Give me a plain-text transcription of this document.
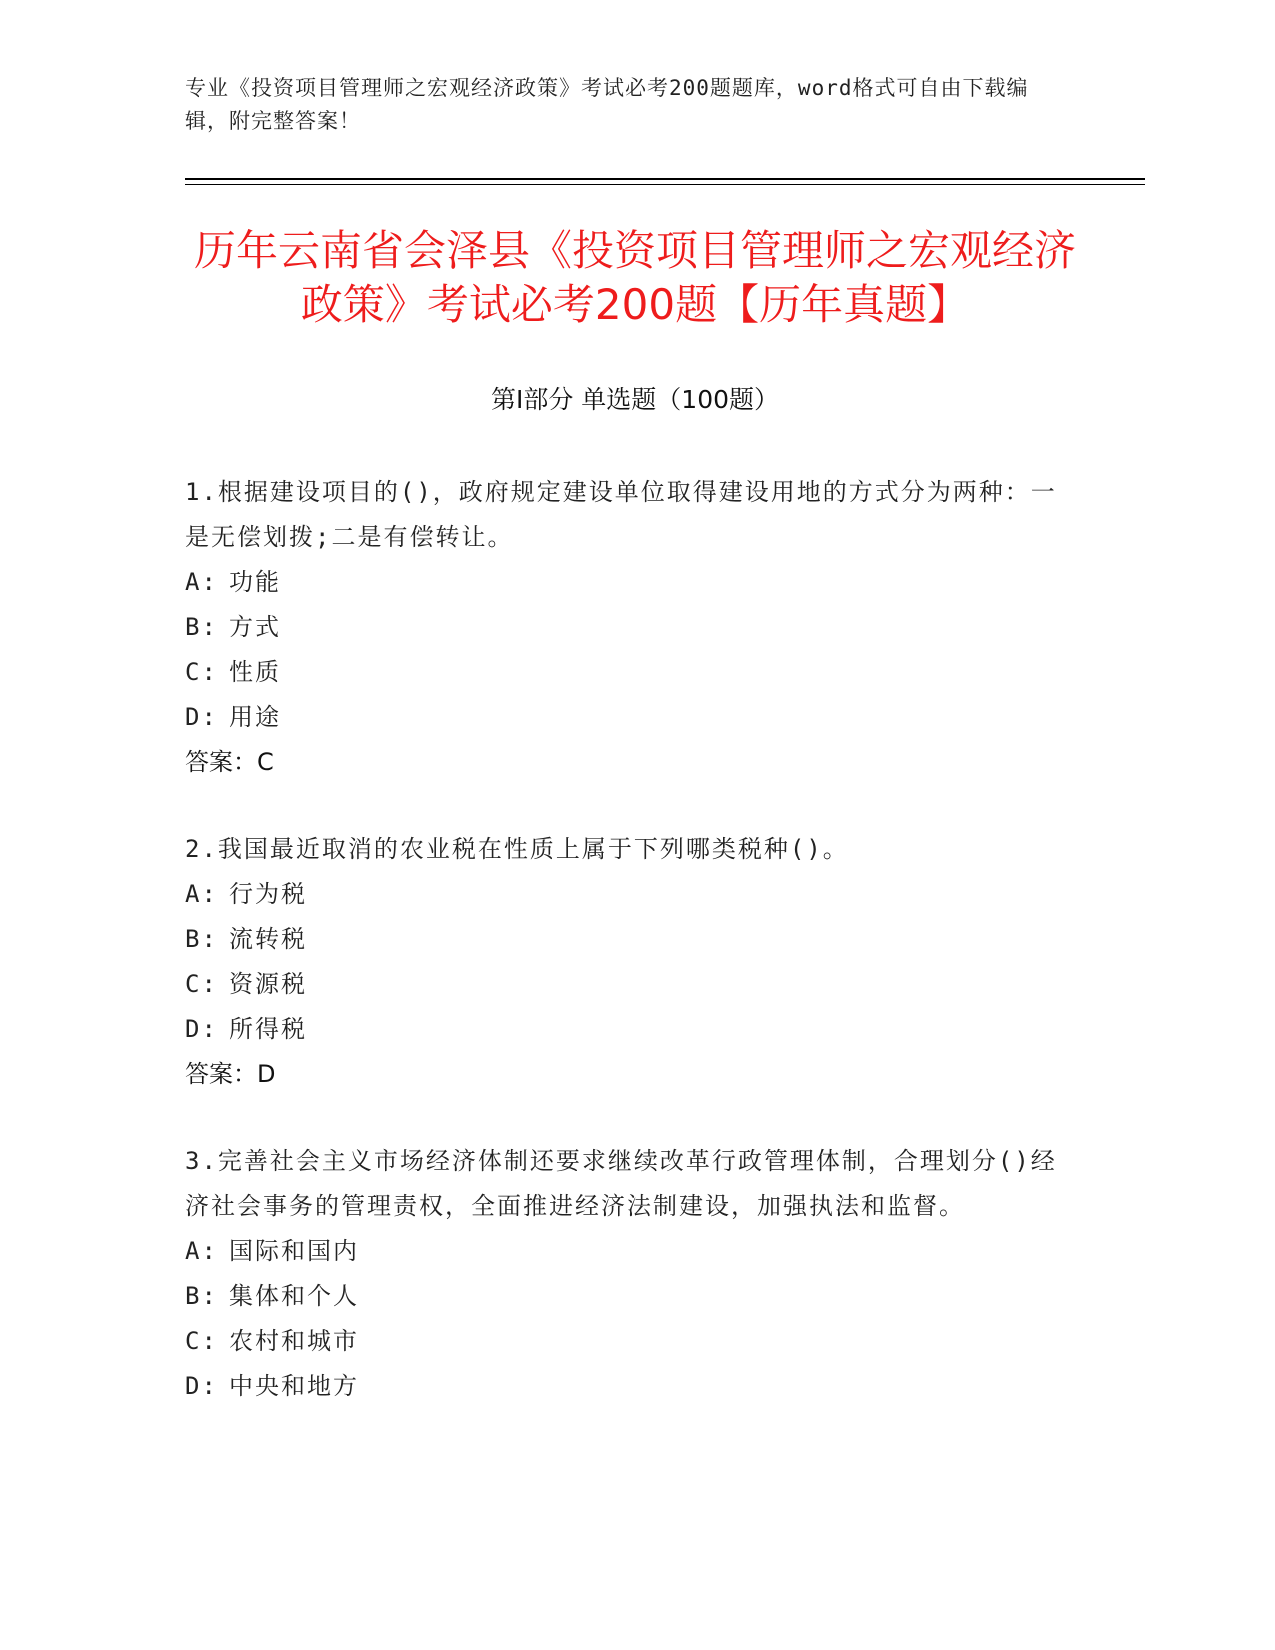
专业《投资项目管理师之宏观经济政策》考试必考200题题库，word格式可自由下载编辑，附完整答案！
历年云南省会泽县《投资项目管理师之宏观经济政策》考试必考200题【历年真题】
第Ⅰ部分 单选题（100题）
1.根据建设项目的()，政府规定建设单位取得建设用地的方式分为两种：一是无偿划拨;二是有偿转让。
A: 功能
B: 方式
C: 性质
D: 用途
答案：C
2.我国最近取消的农业税在性质上属于下列哪类税种()。
A: 行为税
B: 流转税
C: 资源税
D: 所得税
答案：D
3.完善社会主义市场经济体制还要求继续改革行政管理体制，合理划分()经济社会事务的管理责权，全面推进经济法制建设，加强执法和监督。
A: 国际和国内
B: 集体和个人
C: 农村和城市
D: 中央和地方
